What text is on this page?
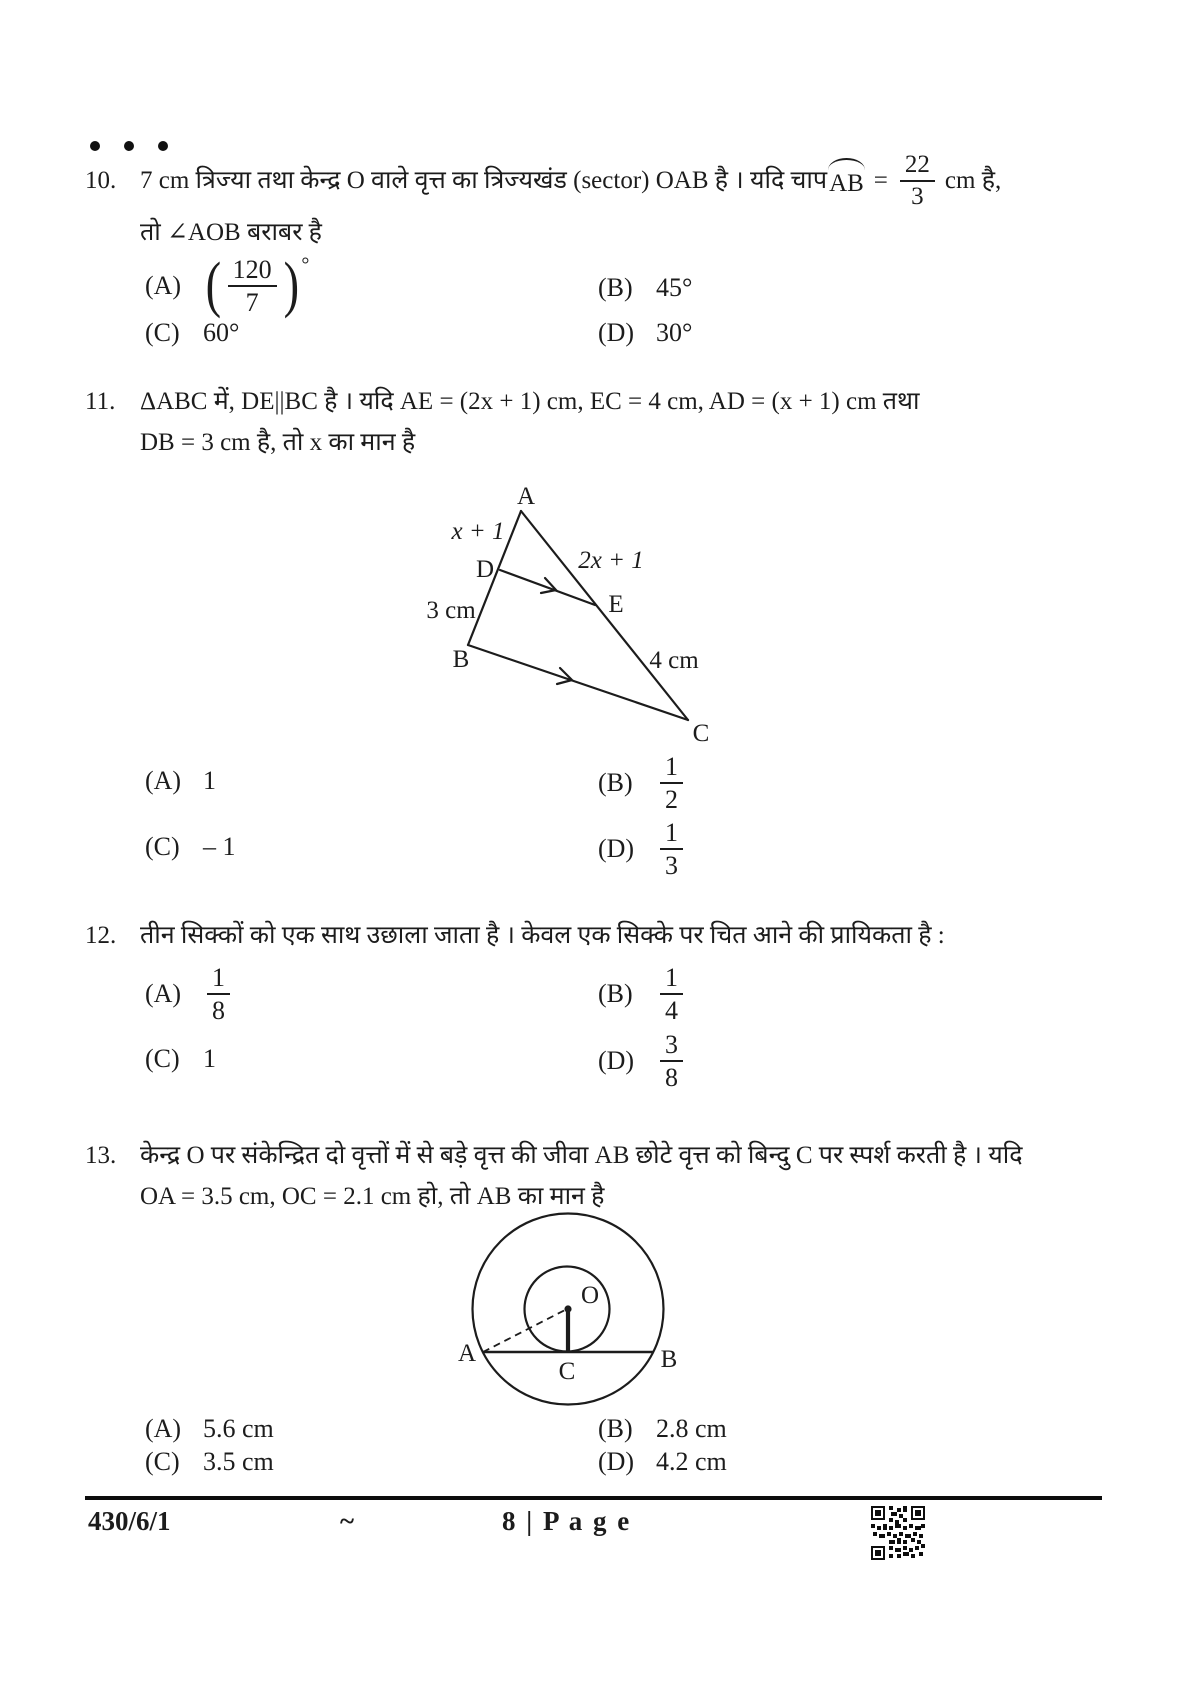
10. 7 cm त्रिज्या तथा केन्द्र O वाले वृत्त का त्रिज्यखंड (sector) OAB है । यदि चाप AB = $\frac{22}{3}$ cm है,
तो ∠AOB बराबर है
(A) ( $\frac{120}{7}$ ) °
(B) 45°
(C) 60°	(D) 30°
11. ΔABC में, DE||BC है । यदि AE = (2x + 1) cm, EC = 4 cm, AD = (x + 1) cm तथा
DB = 3 cm है, तो x का मान है
A
x + 1
D	2x + 1
E
3 cm
B	4 cm
C
(A) 1	(B)	$\frac{1}{2}$
(C) – 1	$(D) \frac{1}{3}$
12. तीन सिक्कों को एक साथ उछाला जाता है । केवल एक सिक्के पर चित आने की प्रायिकता है :
$(A) \frac{1}{8}$	(B)	$\frac{1}{4}$
(C) 1	$(D) \frac{3}{8}$
13. केन्द्र O पर संकेन्द्रित दो वृत्तों में से बड़े वृत्त की जीवा AB छोटे वृत्त को बिन्दु C पर स्पर्श करती है । यदि
OA = 3.5 cm, OC = 2.1 cm हो, तो AB का मान है
O
A	B
C
(A) 5.6 cm	(B) 2.8 cm
(C) 3.5 cm	(D) 4.2 cm
430/6/1	~	8 | P a g e
